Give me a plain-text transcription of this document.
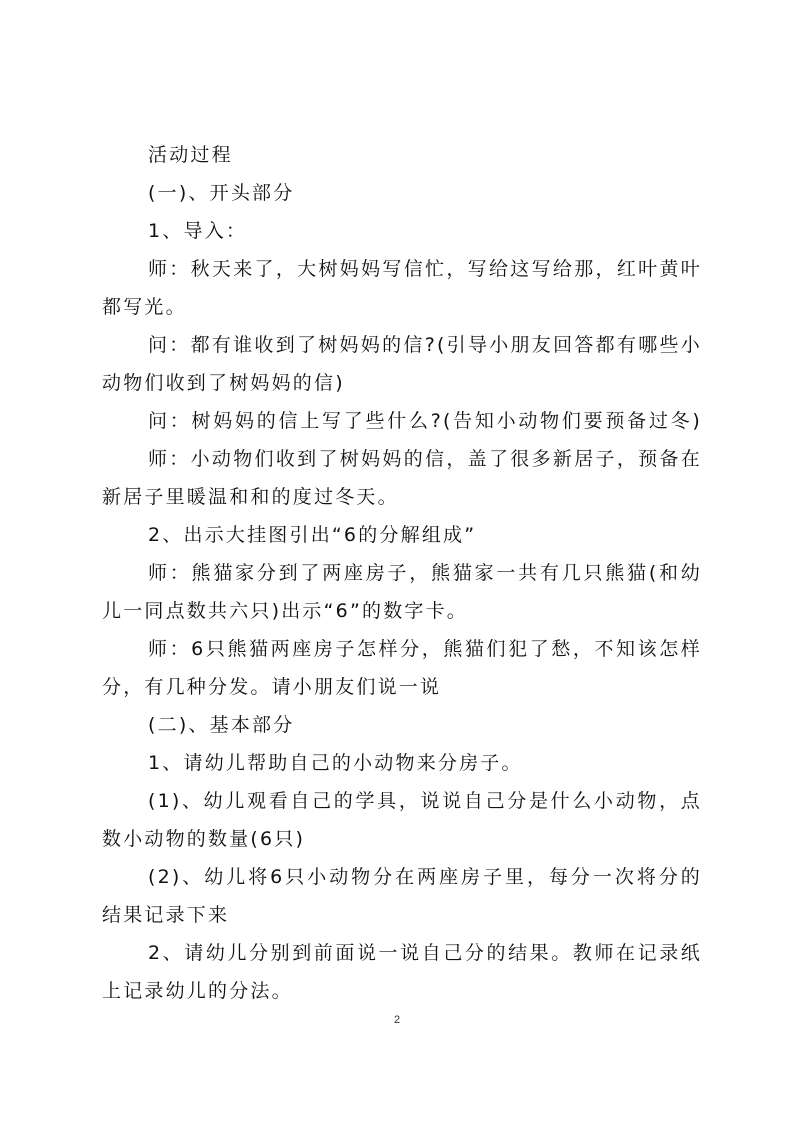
活动过程
(一)、开头部分
1、导入：
师：秋天来了，大树妈妈写信忙，写给这写给那，红叶黄叶
都写光。
问：都有谁收到了树妈妈的信?(引导小朋友回答都有哪些小
动物们收到了树妈妈的信)
问：树妈妈的信上写了些什么?(告知小动物们要预备过冬)
师：小动物们收到了树妈妈的信，盖了很多新居子，预备在
新居子里暖温和和的度过冬天。
2、出示大挂图引出“6的分解组成”
师：熊猫家分到了两座房子，熊猫家一共有几只熊猫(和幼
儿一同点数共六只)出示“6”的数字卡。
师：6只熊猫两座房子怎样分，熊猫们犯了愁，不知该怎样
分，有几种分发。请小朋友们说一说
(二)、基本部分
1、请幼儿帮助自己的小动物来分房子。
(1)、幼儿观看自己的学具，说说自己分是什么小动物，点
数小动物的数量(6只)
(2)、幼儿将6只小动物分在两座房子里，每分一次将分的
结果记录下来
2、请幼儿分别到前面说一说自己分的结果。教师在记录纸
上记录幼儿的分法。
2
